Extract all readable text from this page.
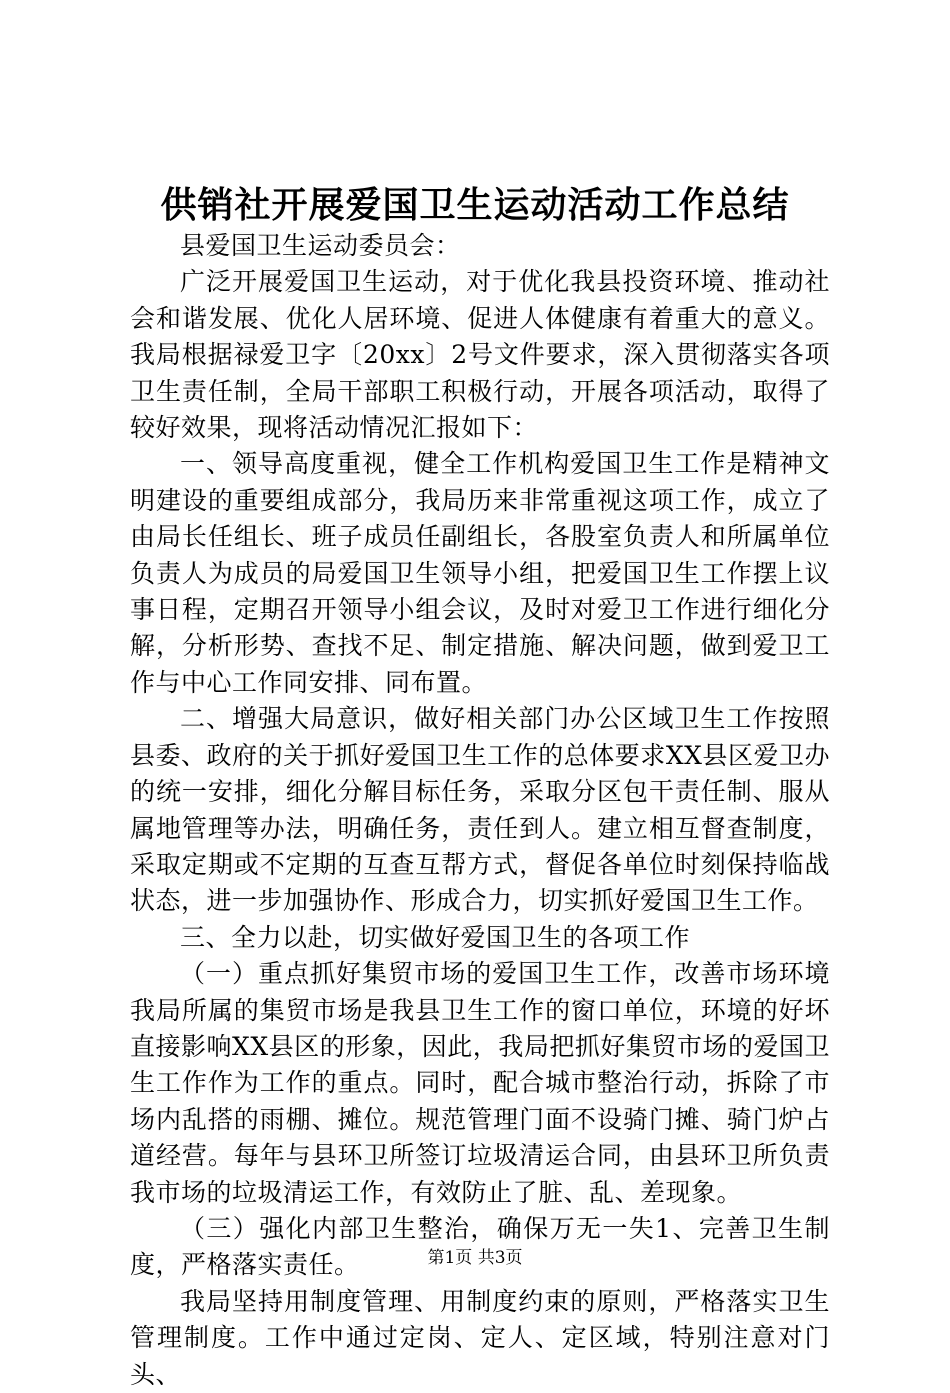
供销社开展爱国卫生运动活动工作总结

县爱国卫生运动委员会：

广泛开展爱国卫生运动，对于优化我县投资环境、推动社会和谐发展、优化人居环境、促进人体健康有着重大的意义。我局根据禄爱卫字〔20xx〕2号文件要求，深入贯彻落实各项卫生责任制，全局干部职工积极行动，开展各项活动，取得了较好效果，现将活动情况汇报如下：

一、领导高度重视，健全工作机构爱国卫生工作是精神文明建设的重要组成部分，我局历来非常重视这项工作，成立了由局长任组长、班子成员任副组长，各股室负责人和所属单位负责人为成员的局爱国卫生领导小组，把爱国卫生工作摆上议事日程，定期召开领导小组会议，及时对爱卫工作进行细化分解，分析形势、查找不足、制定措施、解决问题，做到爱卫工作与中心工作同安排、同布置。

二、增强大局意识，做好相关部门办公区域卫生工作按照县委、政府的关于抓好爱国卫生工作的总体要求XX县区爱卫办的统一安排，细化分解目标任务，采取分区包干责任制、服从属地管理等办法，明确任务，责任到人。建立相互督查制度，采取定期或不定期的互查互帮方式，督促各单位时刻保持临战状态，进一步加强协作、形成合力，切实抓好爱国卫生工作。

三、全力以赴，切实做好爱国卫生的各项工作

（一）重点抓好集贸市场的爱国卫生工作，改善市场环境我局所属的集贸市场是我县卫生工作的窗口单位，环境的好坏直接影响XX县区的形象，因此，我局把抓好集贸市场的爱国卫生工作作为工作的重点。同时，配合城市整治行动，拆除了市场内乱搭的雨棚、摊位。规范管理门面不设骑门摊、骑门炉占道经营。每年与县环卫所签订垃圾清运合同，由县环卫所负责我市场的垃圾清运工作，有效防止了脏、乱、差现象。

（三）强化内部卫生整治，确保万无一失1、完善卫生制度，严格落实责任。

我局坚持用制度管理、用制度约束的原则，严格落实卫生管理制度。工作中通过定岗、定人、定区域，特别注意对门头、

第1页 共3页
